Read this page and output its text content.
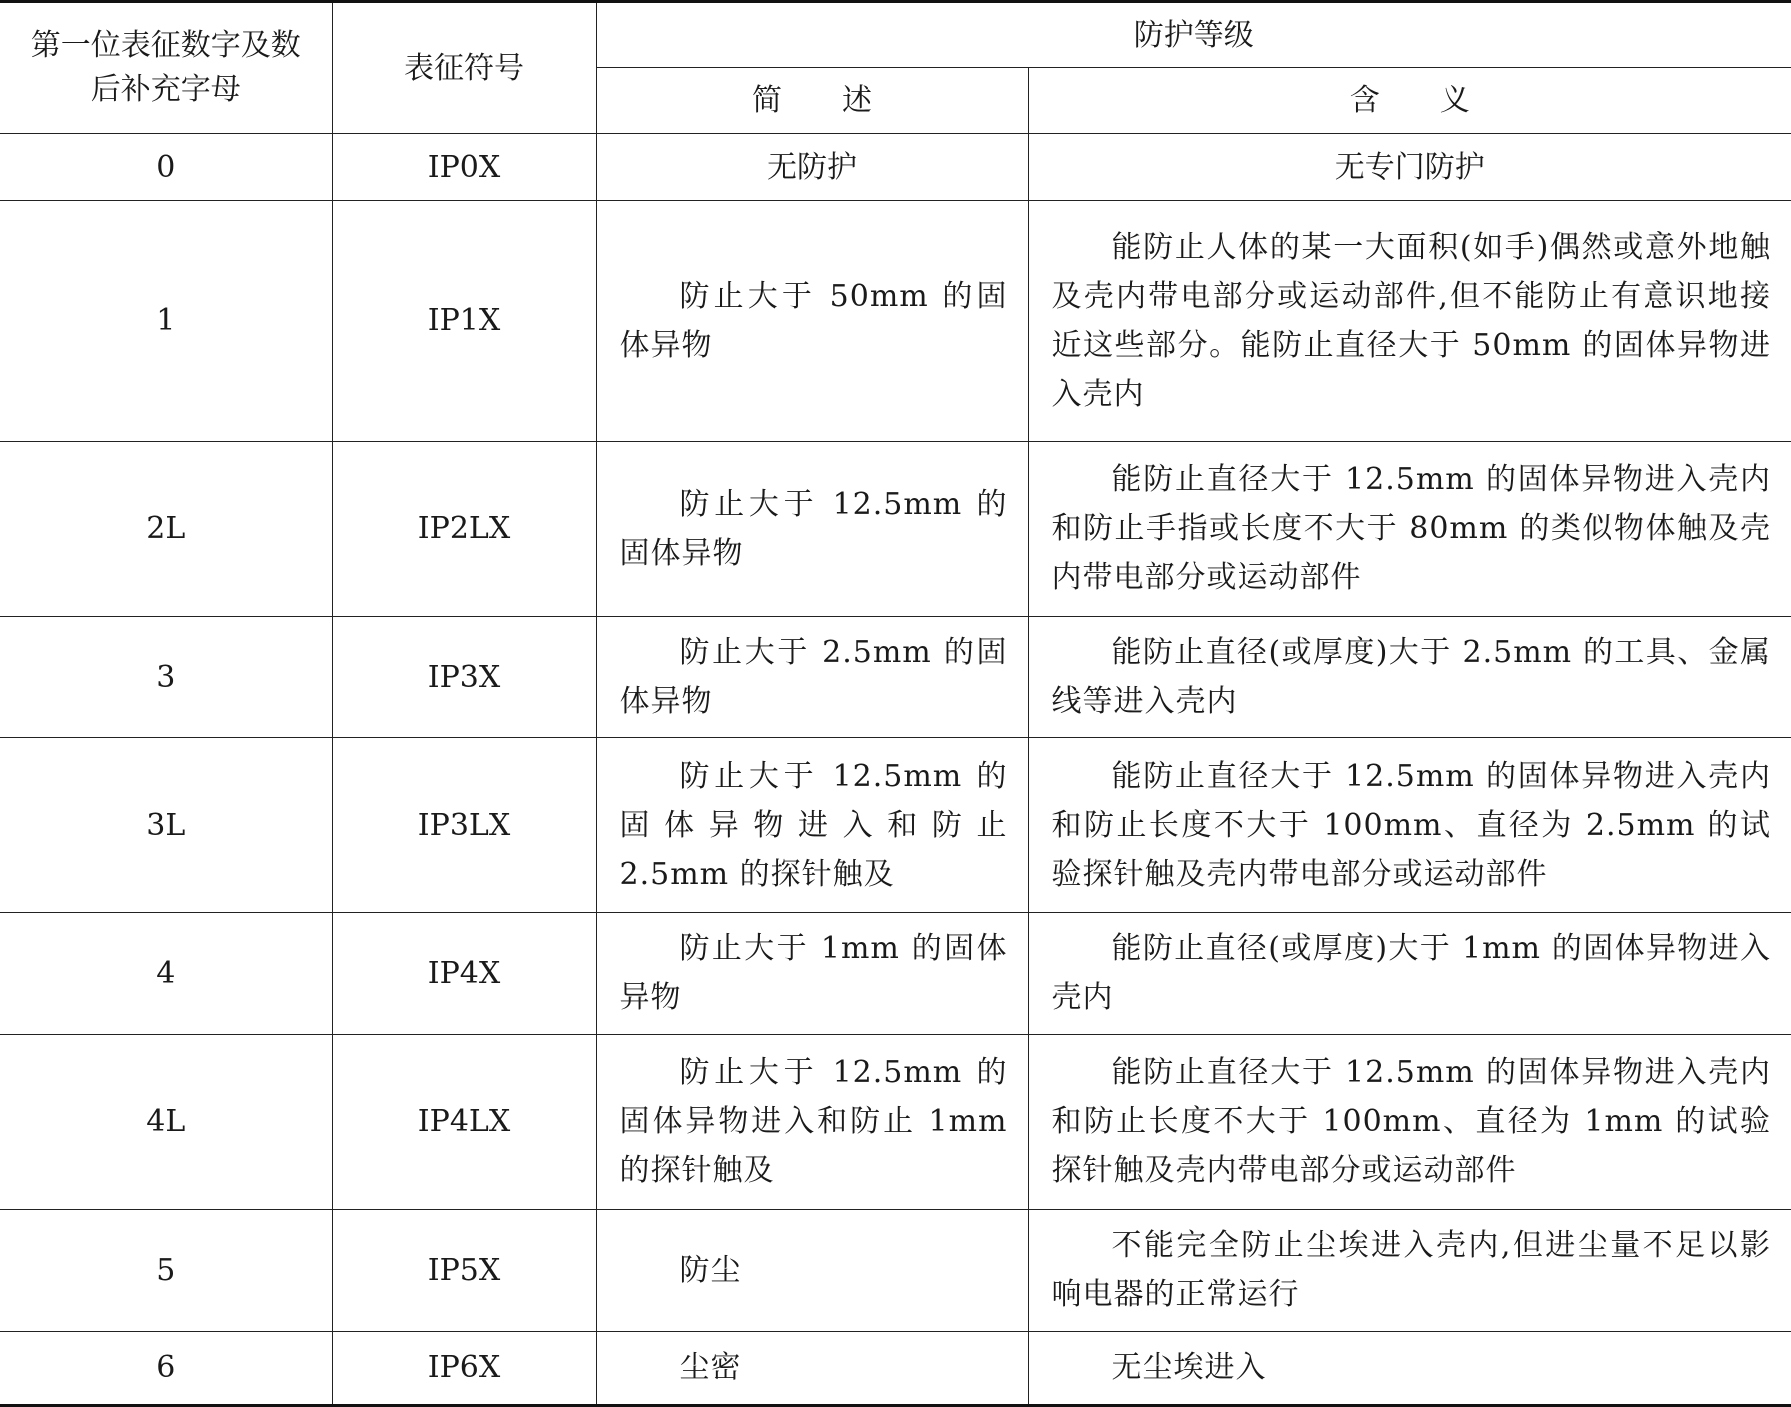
第一位表征数字及数后补充字母	表征符号	防护等级	
		简　　述	含　　义
0	IP0X	无防护	无专门防护
1	IP1X	防止大于 50mm 的固体异物	能防止人体的某一大面积(如手)偶然或意外地触及壳内带电部分或运动部件,但不能防止有意识地接近这些部分。能防止直径大于 50mm 的固体异物进入壳内
2L	IP2LX	防止大于 12.5mm 的固体异物	能防止直径大于 12.5mm 的固体异物进入壳内和防止手指或长度不大于 80mm 的类似物体触及壳内带电部分或运动部件
3	IP3X	防止大于 2.5mm 的固体异物	能防止直径(或厚度)大于 2.5mm 的工具、金属线等进入壳内
3L	IP3LX	防止大于 12.5mm 的固体异物进入和防止 2.5mm 的探针触及	能防止直径大于 12.5mm 的固体异物进入壳内和防止长度不大于 100mm、直径为 2.5mm 的试验探针触及壳内带电部分或运动部件
4	IP4X	防止大于 1mm 的固体异物	能防止直径(或厚度)大于 1mm 的固体异物进入壳内
4L	IP4LX	防止大于 12.5mm 的固体异物进入和防止 1mm 的探针触及	能防止直径大于 12.5mm 的固体异物进入壳内和防止长度不大于 100mm、直径为 1mm 的试验探针触及壳内带电部分或运动部件
5	IP5X	防尘	不能完全防止尘埃进入壳内,但进尘量不足以影响电器的正常运行
6	IP6X	尘密	无尘埃进入
